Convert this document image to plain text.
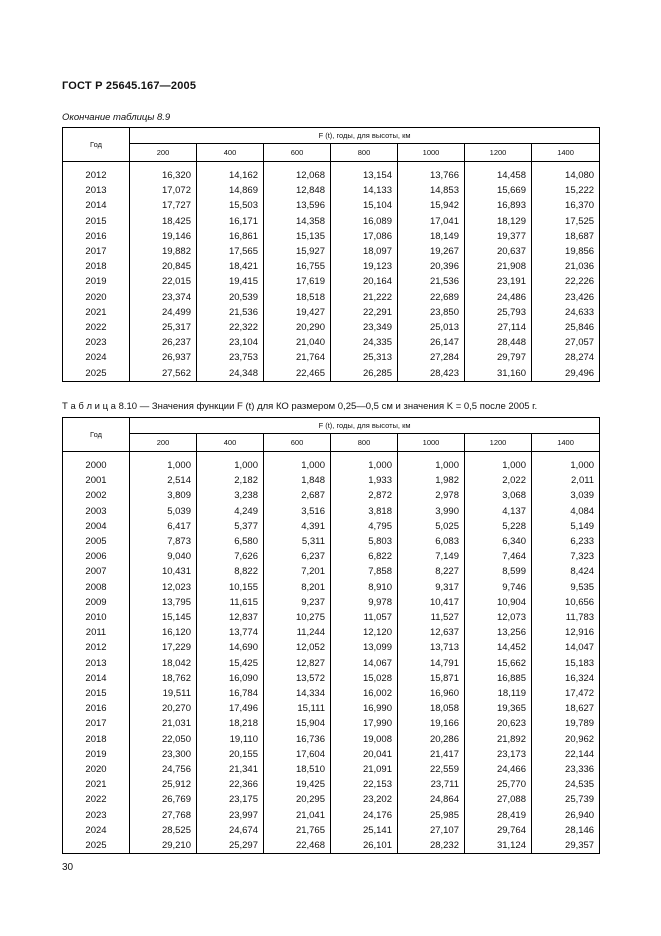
ГОСТ Р 25645.167—2005
Окончание таблицы 8.9
Год	F (t), годы, для высоты, км						
	200	400	600	800	1000	1200	1400
2012	16,320	14,162	12,068	13,154	13,766	14,458	14,080
2013	17,072	14,869	12,848	14,133	14,853	15,669	15,222
2014	17,727	15,503	13,596	15,104	15,942	16,893	16,370
2015	18,425	16,171	14,358	16,089	17,041	18,129	17,525
2016	19,146	16,861	15,135	17,086	18,149	19,377	18,687
2017	19,882	17,565	15,927	18,097	19,267	20,637	19,856
2018	20,845	18,421	16,755	19,123	20,396	21,908	21,036
2019	22,015	19,415	17,619	20,164	21,536	23,191	22,226
2020	23,374	20,539	18,518	21,222	22,689	24,486	23,426
2021	24,499	21,536	19,427	22,291	23,850	25,793	24,633
2022	25,317	22,322	20,290	23,349	25,013	27,114	25,846
2023	26,237	23,104	21,040	24,335	26,147	28,448	27,057
2024	26,937	23,753	21,764	25,313	27,284	29,797	28,274
2025	27,562	24,348	22,465	26,285	28,423	31,160	29,496
Т а б л и ц а 8.10 — Значения функции F (t) для КО размером 0,25—0,5 см и значения K = 0,5 после 2005 г.
Год	F (t), годы, для высоты, км						
	200	400	600	800	1000	1200	1400
2000	1,000	1,000	1,000	1,000	1,000	1,000	1,000
2001	2,514	2,182	1,848	1,933	1,982	2,022	2,011
2002	3,809	3,238	2,687	2,872	2,978	3,068	3,039
2003	5,039	4,249	3,516	3,818	3,990	4,137	4,084
2004	6,417	5,377	4,391	4,795	5,025	5,228	5,149
2005	7,873	6,580	5,311	5,803	6,083	6,340	6,233
2006	9,040	7,626	6,237	6,822	7,149	7,464	7,323
2007	10,431	8,822	7,201	7,858	8,227	8,599	8,424
2008	12,023	10,155	8,201	8,910	9,317	9,746	9,535
2009	13,795	11,615	9,237	9,978	10,417	10,904	10,656
2010	15,145	12,837	10,275	11,057	11,527	12,073	11,783
2011	16,120	13,774	11,244	12,120	12,637	13,256	12,916
2012	17,229	14,690	12,052	13,099	13,713	14,452	14,047
2013	18,042	15,425	12,827	14,067	14,791	15,662	15,183
2014	18,762	16,090	13,572	15,028	15,871	16,885	16,324
2015	19,511	16,784	14,334	16,002	16,960	18,119	17,472
2016	20,270	17,496	15,111	16,990	18,058	19,365	18,627
2017	21,031	18,218	15,904	17,990	19,166	20,623	19,789
2018	22,050	19,110	16,736	19,008	20,286	21,892	20,962
2019	23,300	20,155	17,604	20,041	21,417	23,173	22,144
2020	24,756	21,341	18,510	21,091	22,559	24,466	23,336
2021	25,912	22,366	19,425	22,153	23,711	25,770	24,535
2022	26,769	23,175	20,295	23,202	24,864	27,088	25,739
2023	27,768	23,997	21,041	24,176	25,985	28,419	26,940
2024	28,525	24,674	21,765	25,141	27,107	29,764	28,146
2025	29,210	25,297	22,468	26,101	28,232	31,124	29,357
30
